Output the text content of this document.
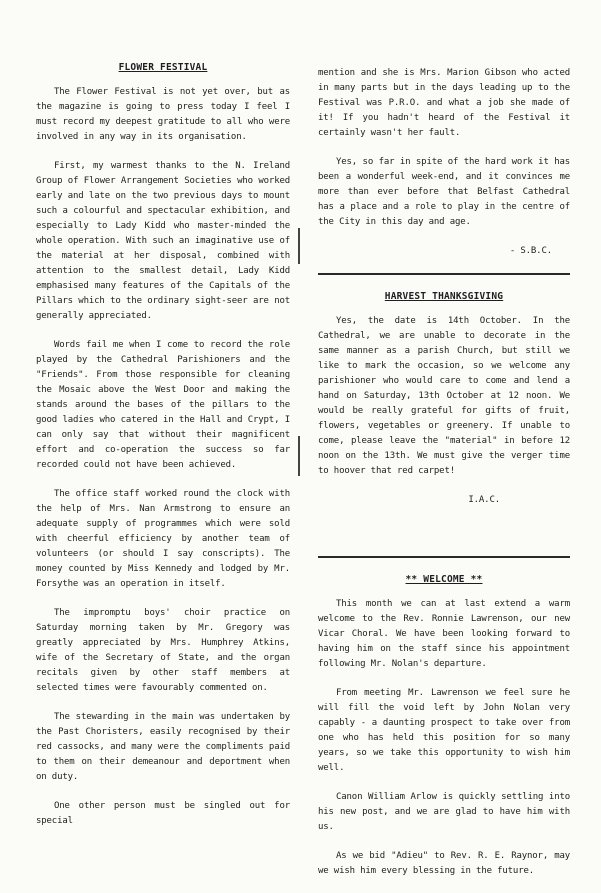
FLOWER FESTIVAL

The Flower Festival is not yet over, but as the magazine is going to press today I feel I must record my deepest gratitude to all who were involved in any way in its organisation.

First, my warmest thanks to the N. Ireland Group of Flower Arrangement Societies who worked early and late on the two previous days to mount such a colourful and spectacular exhibition, and especially to Lady Kidd who master-minded the whole operation. With such an imaginative use of the material at her disposal, combined with attention to the smallest detail, Lady Kidd emphasised many features of the Capitals of the Pillars which to the ordinary sight-seer are not generally appreciated.

Words fail me when I come to record the role played by the Cathedral Parishioners and the "Friends". From those responsible for cleaning the Mosaic above the West Door and making the stands around the bases of the pillars to the good ladies who catered in the Hall and Crypt, I can only say that without their magnificent effort and co-operation the success so far recorded could not have been achieved.

The office staff worked round the clock with the help of Mrs. Nan Armstrong to ensure an adequate supply of programmes which were sold with cheerful efficiency by another team of volunteers (or should I say conscripts). The money counted by Miss Kennedy and lodged by Mr. Forsythe was an operation in itself.

The impromptu boys' choir practice on Saturday morning taken by Mr. Gregory was greatly appreciated by Mrs. Humphrey Atkins, wife of the Secretary of State, and the organ recitals given by other staff members at selected times were favourably commented on.

The stewarding in the main was undertaken by the Past Choristers, easily recognised by their red cassocks, and many were the compliments paid to them on their demeanour and deportment when on duty.

One other person must be singled out for special

mention and she is Mrs. Marion Gibson who acted in many parts but in the days leading up to the Festival was P.R.O. and what a job she made of it! If you hadn't heard of the Festival it certainly wasn't her fault.

Yes, so far in spite of the hard work it has been a wonderful week-end, and it convinces me more than ever before that Belfast Cathedral has a place and a role to play in the centre of the City in this day and age.

- S.B.C.

HARVEST THANKSGIVING

Yes, the date is 14th October. In the Cathedral, we are unable to decorate in the same manner as a parish Church, but still we like to mark the occasion, so we welcome any parishioner who would care to come and lend a hand on Saturday, 13th October at 12 noon. We would be really grateful for gifts of fruit, flowers, vegetables or greenery. If unable to come, please leave the "material" in before 12 noon on the 13th. We must give the verger time to hoover that red carpet!

I.A.C.

** WELCOME **

This month we can at last extend a warm welcome to the Rev. Ronnie Lawrenson, our new Vicar Choral. We have been looking forward to having him on the staff since his appointment following Mr. Nolan's departure.

From meeting Mr. Lawrenson we feel sure he will fill the void left by John Nolan very capably - a daunting prospect to take over from one who has held this position for so many years, so we take this opportunity to wish him well.

Canon William Arlow is quickly settling into his new post, and we are glad to have him with us.

As we bid "Adieu" to Rev. R. E. Raynor, may we wish him every blessing in the future.
